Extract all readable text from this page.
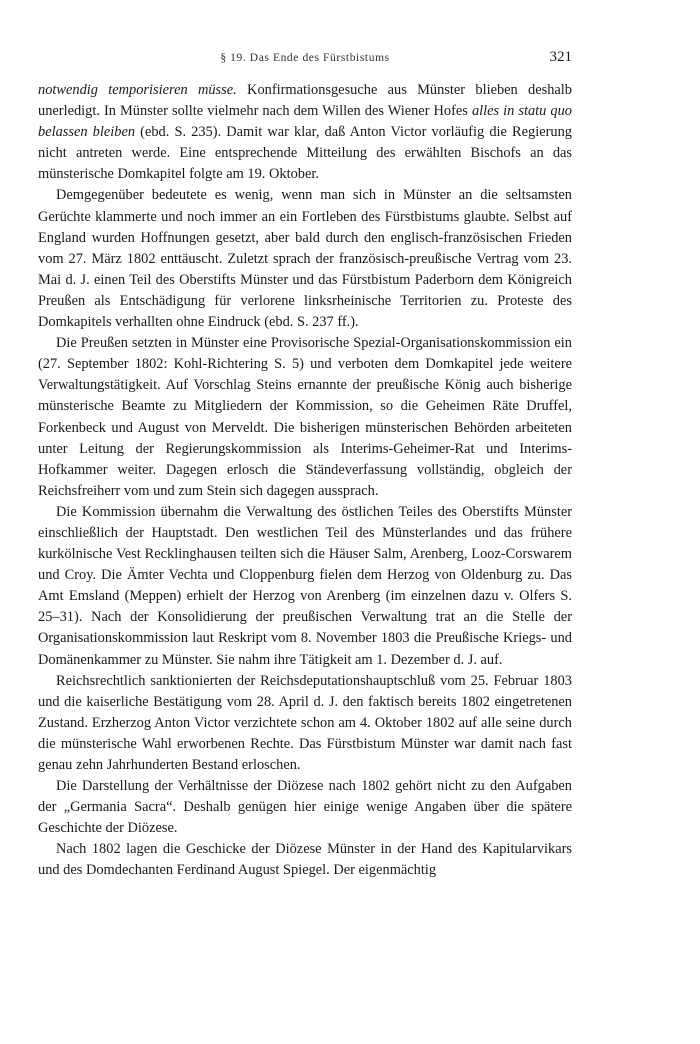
§ 19. Das Ende des Fürstbistums	321

notwendig temporisieren müsse. Konfirmationsgesuche aus Münster blieben deshalb unerledigt. In Münster sollte vielmehr nach dem Willen des Wiener Hofes alles in statu quo belassen bleiben (ebd. S. 235). Damit war klar, daß Anton Victor vorläufig die Regierung nicht antreten werde. Eine entsprechende Mitteilung des erwählten Bischofs an das münsterische Domkapitel folgte am 19. Oktober.

Demgegenüber bedeutete es wenig, wenn man sich in Münster an die seltsamsten Gerüchte klammerte und noch immer an ein Fortleben des Fürstbistums glaubte. Selbst auf England wurden Hoffnungen gesetzt, aber bald durch den englisch-französischen Frieden vom 27. März 1802 enttäuscht. Zuletzt sprach der französisch-preußische Vertrag vom 23. Mai d. J. einen Teil des Oberstifts Münster und das Fürstbistum Paderborn dem Königreich Preußen als Entschädigung für verlorene linksrheinische Territorien zu. Proteste des Domkapitels verhallten ohne Eindruck (ebd. S. 237 ff.).

Die Preußen setzten in Münster eine Provisorische Spezial-Organisationskommission ein (27. September 1802: Kohl-Richtering S. 5) und verboten dem Domkapitel jede weitere Verwaltungstätigkeit. Auf Vorschlag Steins ernannte der preußische König auch bisherige münsterische Beamte zu Mitgliedern der Kommission, so die Geheimen Räte Druffel, Forkenbeck und August von Merveldt. Die bisherigen münsterischen Behörden arbeiteten unter Leitung der Regierungskommission als Interims-Geheimer-Rat und Interims-Hofkammer weiter. Dagegen erlosch die Ständeverfassung vollständig, obgleich der Reichsfreiherr vom und zum Stein sich dagegen aussprach.

Die Kommission übernahm die Verwaltung des östlichen Teiles des Oberstifts Münster einschließlich der Hauptstadt. Den westlichen Teil des Münsterlandes und das frühere kurkölnische Vest Recklinghausen teilten sich die Häuser Salm, Arenberg, Looz-Corswarem und Croy. Die Ämter Vechta und Cloppenburg fielen dem Herzog von Oldenburg zu. Das Amt Emsland (Meppen) erhielt der Herzog von Arenberg (im einzelnen dazu v. Olfers S. 25–31). Nach der Konsolidierung der preußischen Verwaltung trat an die Stelle der Organisationskommission laut Reskript vom 8. November 1803 die Preußische Kriegs- und Domänenkammer zu Münster. Sie nahm ihre Tätigkeit am 1. Dezember d. J. auf.

Reichsrechtlich sanktionierten der Reichsdeputationshauptschluß vom 25. Februar 1803 und die kaiserliche Bestätigung vom 28. April d. J. den faktisch bereits 1802 eingetretenen Zustand. Erzherzog Anton Victor verzichtete schon am 4. Oktober 1802 auf alle seine durch die münsterische Wahl erworbenen Rechte. Das Fürstbistum Münster war damit nach fast genau zehn Jahrhunderten Bestand erloschen.

Die Darstellung der Verhältnisse der Diözese nach 1802 gehört nicht zu den Aufgaben der „Germania Sacra“. Deshalb genügen hier einige wenige Angaben über die spätere Geschichte der Diözese.

Nach 1802 lagen die Geschicke der Diözese Münster in der Hand des Kapitularvikars und des Domdechanten Ferdinand August Spiegel. Der eigenmächtig
